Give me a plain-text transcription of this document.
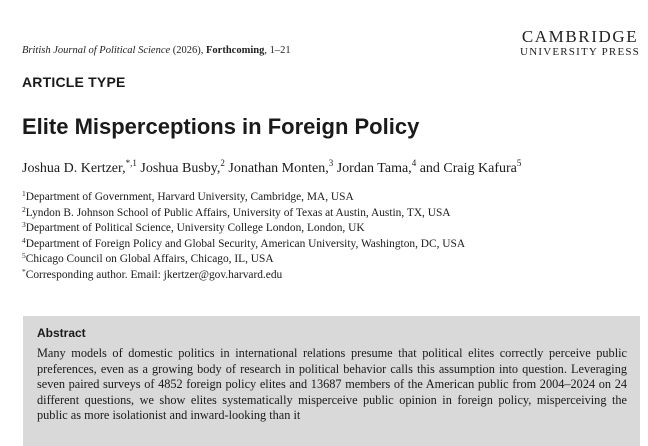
British Journal of Political Science (2026), Forthcoming, 1–21
CAMBRIDGE
UNIVERSITY PRESS
ARTICLE TYPE
Elite Misperceptions in Foreign Policy
Joshua D. Kertzer,$^{*,1}$ Joshua Busby,$^2$ Jonathan Monten,$^3$ Jordan Tama,$^4$ and Craig Kafura$^5$
$^1$Department of Government, Harvard University, Cambridge, MA, USA
$^2$Lyndon B. Johnson School of Public Affairs, University of Texas at Austin, Austin, TX, USA
$^3$Department of Political Science, University College London, London, UK
$^4$Department of Foreign Policy and Global Security, American University, Washington, DC, USA
$^5$Chicago Council on Global Affairs, Chicago, IL, USA
*Corresponding author. Email: jkertzer@gov.harvard.edu
Abstract

Many models of domestic politics in international relations presume that political elites correctly perceive public preferences, even as a growing body of research in political behavior calls this assumption into question. Leveraging seven paired surveys of 4852 foreign policy elites and 13687 members of the American public from 2004–2024 on 24 different questions, we show elites systematically misperceive public opinion in foreign policy, misperceiving the public as more isolationist and inward-looking than it
